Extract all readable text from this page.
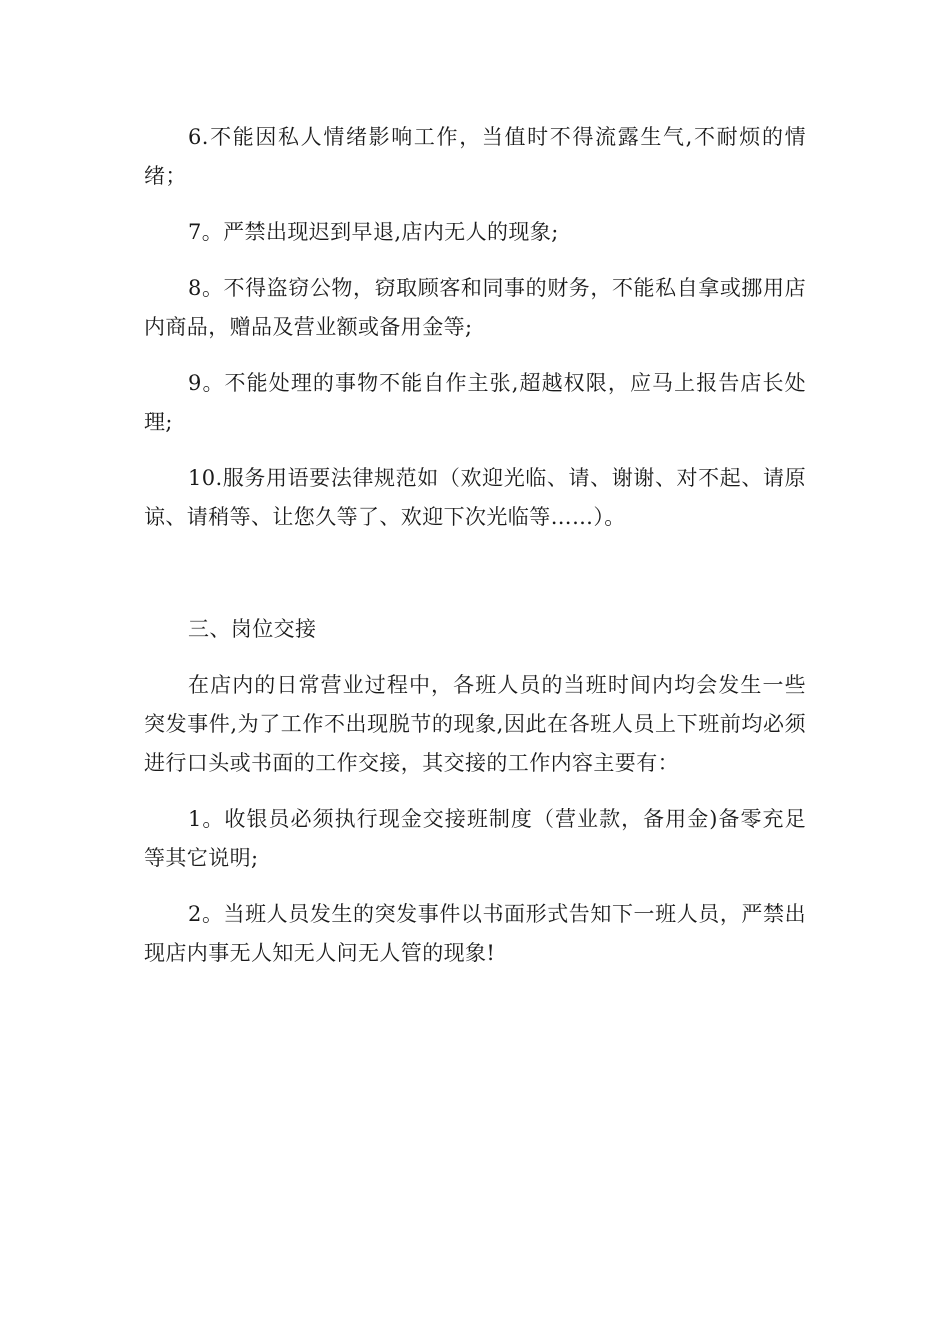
6.不能因私人情绪影响工作，当值时不得流露生气,不耐烦的情绪；

7。严禁出现迟到早退,店内无人的现象;

8。不得盗窃公物，窃取顾客和同事的财务，不能私自拿或挪用店内商品，赠品及营业额或备用金等;

9。不能处理的事物不能自作主张,超越权限，应马上报告店长处理;

10.服务用语要法律规范如（欢迎光临、请、谢谢、对不起、请原谅、请稍等、让您久等了、欢迎下次光临等……）。

三、岗位交接

在店内的日常营业过程中，各班人员的当班时间内均会发生一些突发事件,为了工作不出现脱节的现象,因此在各班人员上下班前均必须进行口头或书面的工作交接，其交接的工作内容主要有：

1。收银员必须执行现金交接班制度（营业款，备用金)备零充足等其它说明;

2。当班人员发生的突发事件以书面形式告知下一班人员，严禁出现店内事无人知无人问无人管的现象!
